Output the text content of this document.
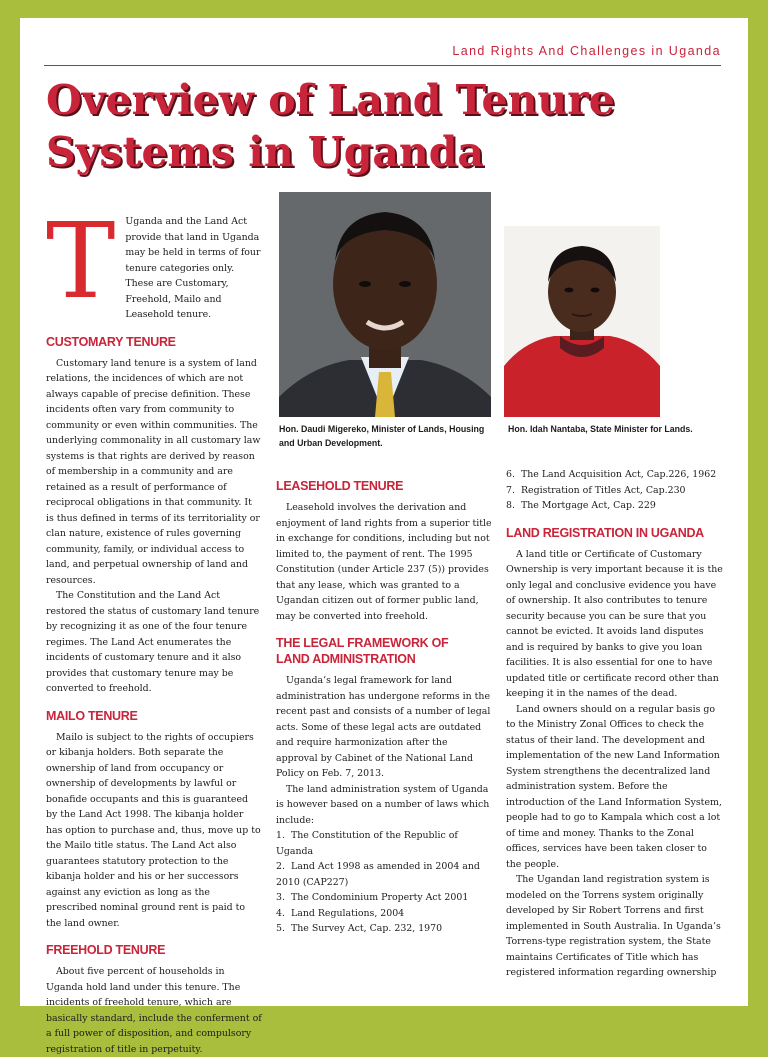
Land Rights And Challenges in Uganda
Overview of Land Tenure
Systems in Uganda

T Uganda and the Land Act provide that land in Uganda may be held in terms of four tenure categories only. These are Customary, Freehold, Mailo and Leasehold tenure.

CUSTOMARY TENURE

Customary land tenure is a system of land relations, the incidences of which are not always capable of precise definition. These incidents often vary from community to community or even within communities. The underlying commonality in all customary law systems is that rights are derived by reason of membership in a community and are retained as a result of performance of reciprocal obligations in that community. It is thus defined in terms of its territoriality or clan nature, existence of rules governing community, family, or individual access to land, and perpetual ownership of land and resources.

The Constitution and the Land Act restored the status of customary land tenure by recognizing it as one of the four tenure regimes. The Land Act enumerates the incidents of customary tenure and it also provides that customary tenure may be converted to freehold.

MAILO TENURE

Mailo is subject to the rights of occupiers or kibanja holders. Both separate the ownership of land from occupancy or ownership of developments by lawful or bonafide occupants and this is guaranteed by the Land Act 1998. The kibanja holder has option to purchase and, thus, move up to the Mailo title status. The Land Act also guarantees statutory protection to the kibanja holder and his or her successors against any eviction as long as the prescribed nominal ground rent is paid to the land owner.

FREEHOLD TENURE

About five percent of households in Uganda hold land under this tenure. The incidents of freehold tenure, which are basically standard, include the conferment of a full power of disposition, and compulsory registration of title in perpetuity.

Hon. Daudi Migereko, Minister of Lands, Housing and Urban Development.
Hon. Idah Nantaba, State Minister for Lands.
LEASEHOLD TENURE

Leasehold involves the derivation and enjoyment of land rights from a superior title in exchange for conditions, including but not limited to, the payment of rent. The 1995 Constitution (under Article 237 (5)) provides that any lease, which was granted to a Ugandan citizen out of former public land, may be converted into freehold.

THE LEGAL FRAMEWORK OF
LAND ADMINISTRATION

Uganda’s legal framework for land administration has undergone reforms in the recent past and consists of a number of legal acts. Some of these legal acts are outdated and require harmonization after the approval by Cabinet of the National Land Policy on Feb. 7, 2013.

The land administration system of Uganda is however based on a number of laws which include:

1. The Constitution of the Republic of Uganda
2. Land Act 1998 as amended in 2004 and 2010 (CAP227)
3. The Condominium Property Act 2001
4. Land Regulations, 2004
5. The Survey Act, Cap. 232, 1970
6. The Land Acquisition Act, Cap.226, 1962
7. Registration of Titles Act, Cap.230
8. The Mortgage Act, Cap. 229
LAND REGISTRATION IN UGANDA

A land title or Certificate of Customary Ownership is very important because it is the only legal and conclusive evidence you have of ownership. It also contributes to tenure security because you can be sure that you cannot be evicted. It avoids land disputes and is required by banks to give you loan facilities. It is also essential for one to have updated title or certificate record other than keeping it in the names of the dead.

Land owners should on a regular basis go to the Ministry Zonal Offices to check the status of their land. The development and implementation of the new Land Information System strengthens the decentralized land administration system. Before the introduction of the Land Information System, people had to go to Kampala which cost a lot of time and money. Thanks to the Zonal offices, services have been taken closer to the people.

The Ugandan land registration system is modeled on the Torrens system originally developed by Sir Robert Torrens and first implemented in South Australia. In Uganda’s Torrens-type registration system, the State maintains Certificates of Title which has registered information regarding ownership
